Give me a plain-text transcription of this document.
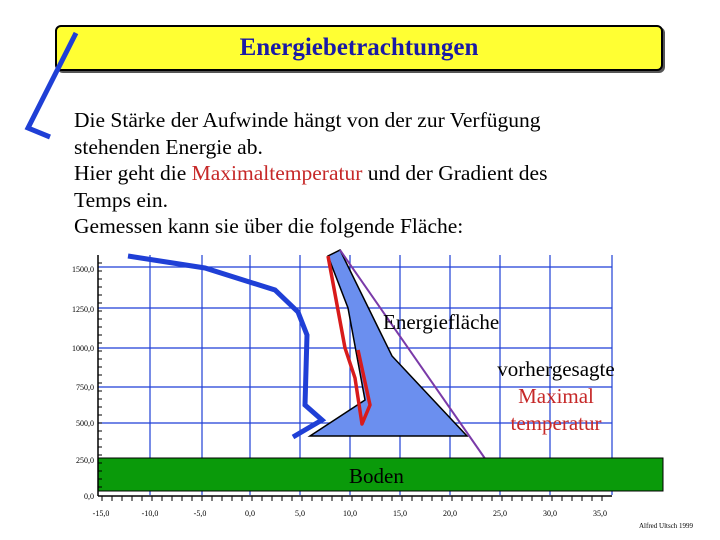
Energiebetrachtungen
1500,0
1250,0
1000,0
750,0
500,0
250,0
0,0
-15,0	-10,0	-5,0	0,0	5,0	10,0	15,0	20,0	25,0	30,0	35,0
Die Stärke der Aufwinde hängt von der zur Verfügung
stehenden Energie ab.
Hier geht die Maximaltemperatur und der Gradient des
Temps ein.
Gemessen kann sie über die folgende Fläche:
Energiefläche
vorhergesagte
Maximal
temperatur
Boden
Alfred Ultsch 1999
